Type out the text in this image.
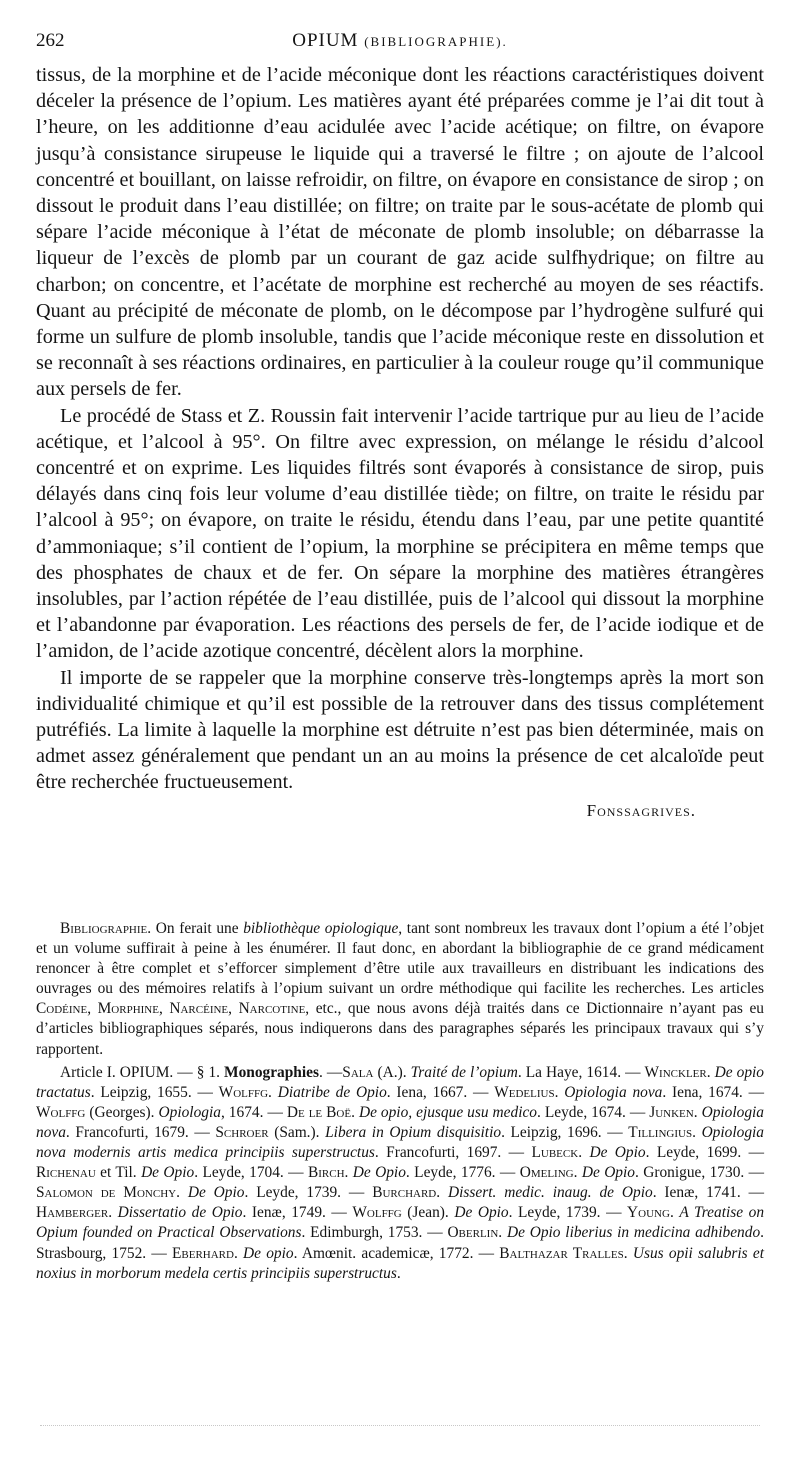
262	OPIUM (BIBLIOGRAPHIE).

tissus, de la morphine et de l’acide méconique dont les réactions caractéristiques doivent déceler la présence de l’opium. Les matières ayant été préparées comme je l’ai dit tout à l’heure, on les additionne d’eau acidulée avec l’acide acétique; on filtre, on évapore jusqu’à consistance sirupeuse le liquide qui a traversé le filtre ; on ajoute de l’alcool concentré et bouillant, on laisse refroidir, on filtre, on évapore en consistance de sirop ; on dissout le produit dans l’eau distillée; on filtre; on traite par le sous-acétate de plomb qui sépare l’acide méconique à l’état de méconate de plomb insoluble; on débarrasse la liqueur de l’excès de plomb par un courant de gaz acide sulfhydrique; on filtre au charbon; on concentre, et l’acétate de morphine est recherché au moyen de ses réactifs. Quant au précipité de méconate de plomb, on le décompose par l’hydrogène sulfuré qui forme un sulfure de plomb insoluble, tandis que l’acide méconique reste en dissolution et se reconnaît à ses réactions ordinaires, en particulier à la couleur rouge qu’il communique aux persels de fer.

Le procédé de Stass et Z. Roussin fait intervenir l’acide tartrique pur au lieu de l’acide acétique, et l’alcool à 95°. On filtre avec expression, on mélange le résidu d’alcool concentré et on exprime. Les liquides filtrés sont évaporés à consistance de sirop, puis délayés dans cinq fois leur volume d’eau distillée tiède; on filtre, on traite le résidu par l’alcool à 95°; on évapore, on traite le résidu, étendu dans l’eau, par une petite quantité d’ammoniaque; s’il contient de l’opium, la morphine se précipitera en même temps que des phosphates de chaux et de fer. On sépare la morphine des matières étrangères insolubles, par l’action répétée de l’eau distillée, puis de l’alcool qui dissout la morphine et l’abandonne par évaporation. Les réactions des persels de fer, de l’acide iodique et de l’amidon, de l’acide azotique concentré, décèlent alors la morphine.

Il importe de se rappeler que la morphine conserve très-longtemps après la mort son individualité chimique et qu’il est possible de la retrouver dans des tissus complétement putréfiés. La limite à laquelle la morphine est détruite n’est pas bien déterminée, mais on admet assez généralement que pendant un an au moins la présence de cet alcaloïde peut être recherchée fructueusement.

Fonssagrives.

Bibliographie. On ferait une bibliothèque opiologique, tant sont nombreux les travaux dont l’opium a été l’objet et un volume suffirait à peine à les énumérer. Il faut donc, en abordant la bibliographie de ce grand médicament renoncer à être complet et s’efforcer simplement d’être utile aux travailleurs en distribuant les indications des ouvrages ou des mémoires relatifs à l’opium suivant un ordre méthodique qui facilite les recherches. Les articles Codéine, Morphine, Narcéine, Narcotine, etc., que nous avons déjà traités dans ce Dictionnaire n’ayant pas eu d’articles bibliographiques séparés, nous indiquerons dans des paragraphes séparés les principaux travaux qui s’y rapportent.

Article I. OPIUM. — § 1. Monographies. —Sala (A.). Traité de l’opium. La Haye, 1614. — Winckler. De opio tractatus. Leipzig, 1655. — Wolffg. Diatribe de Opio. Iena, 1667. — Wedelius. Opiologia nova. Iena, 1674. — Wolffg (Georges). Opiologia, 1674. — De le Boë. De opio, ejusque usu medico. Leyde, 1674. — Junken. Opiologia nova. Francofurti, 1679. — Schroer (Sam.). Libera in Opium disquisitio. Leipzig, 1696. — Tillingius. Opiologia nova modernis artis medica principiis superstructus. Francofurti, 1697. — Lubeck. De Opio. Leyde, 1699. — Richenau et Til. De Opio. Leyde, 1704. — Birch. De Opio. Leyde, 1776. — Omeling. De Opio. Gronigue, 1730. — Salomon de Monchy. De Opio. Leyde, 1739. — Burchard. Dissert. medic. inaug. de Opio. Ienæ, 1741. — Hamberger. Dissertatio de Opio. Ienæ, 1749. — Wolffg (Jean). De Opio. Leyde, 1739. — Young. A Treatise on Opium founded on Practical Observations. Edimburgh, 1753. — Oberlin. De Opio liberius in medicina adhibendo. Strasbourg, 1752. — Eberhard. De opio. Amœnit. academicæ, 1772. — Balthazar Tralles. Usus opii salubris et noxius in morborum medela certis principiis superstructus.
